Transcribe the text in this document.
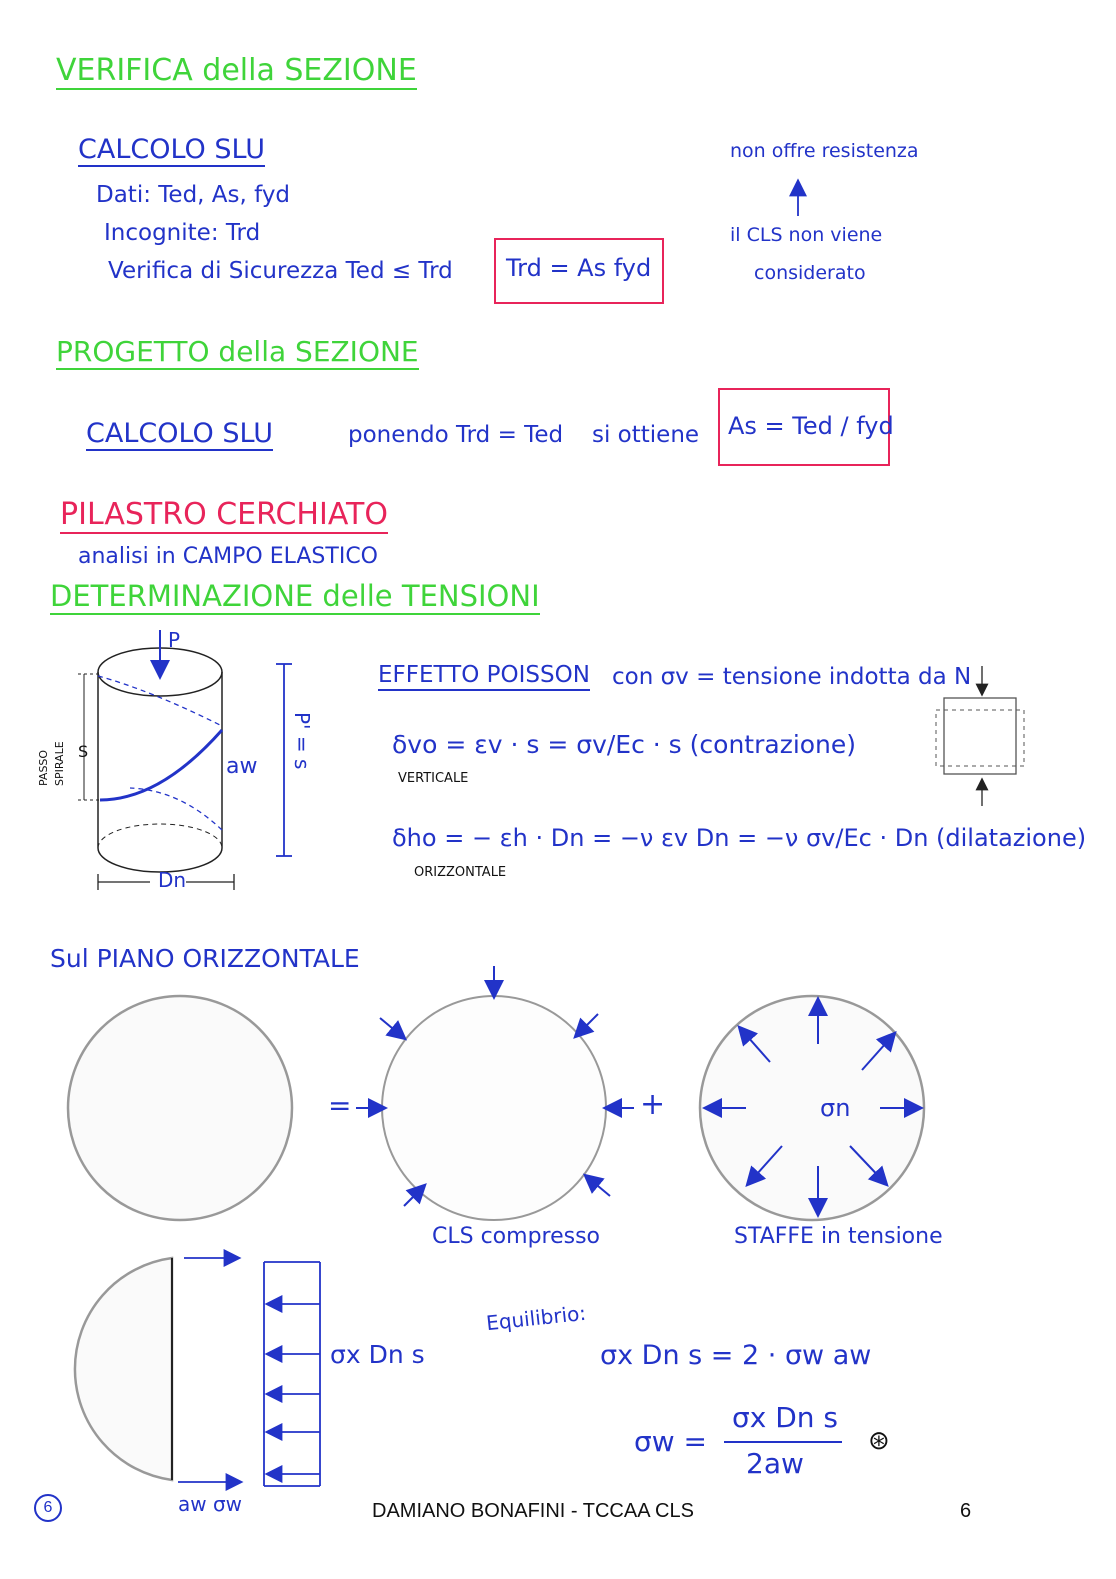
VERIFICA della SEZIONE
CALCOLO SLU
Dati: Ted, As, fyd
Incognite: Trd
Verifica di Sicurezza Ted ≤ Trd Trd = As fyd
non offre resistenza
il CLS non viene
considerato
PROGETTO della SEZIONE
CALCOLO SLU	ponendo Trd = Ted si ottiene As = Ted / fyd
PILASTRO CERCHIATO
analisi in CAMPO ELASTICO
DETERMINAZIONE delle TENSIONI
P
PASSO SPIRALE S
aw
Dn
P' = s
EFFETTO POISSON con σv = tensione indotta da N
δvo = εv · s = σv/Ec · s (contrazione)
VERTICALE
δho = − εh · Dn = −ν εv Dn = −ν σv/Ec · Dn (dilatazione)
ORIZZONTALE
Sul PIANO ORIZZONTALE
=	+	σn
CLS compresso	STAFFE in tensione
σx Dn s
aw σw
Equilibrio:
σx Dn s = 2 · σw aw
σw =
σx Dn s
2aw
⊛
6	DAMIANO BONAFINI - TCCAA CLS	6
